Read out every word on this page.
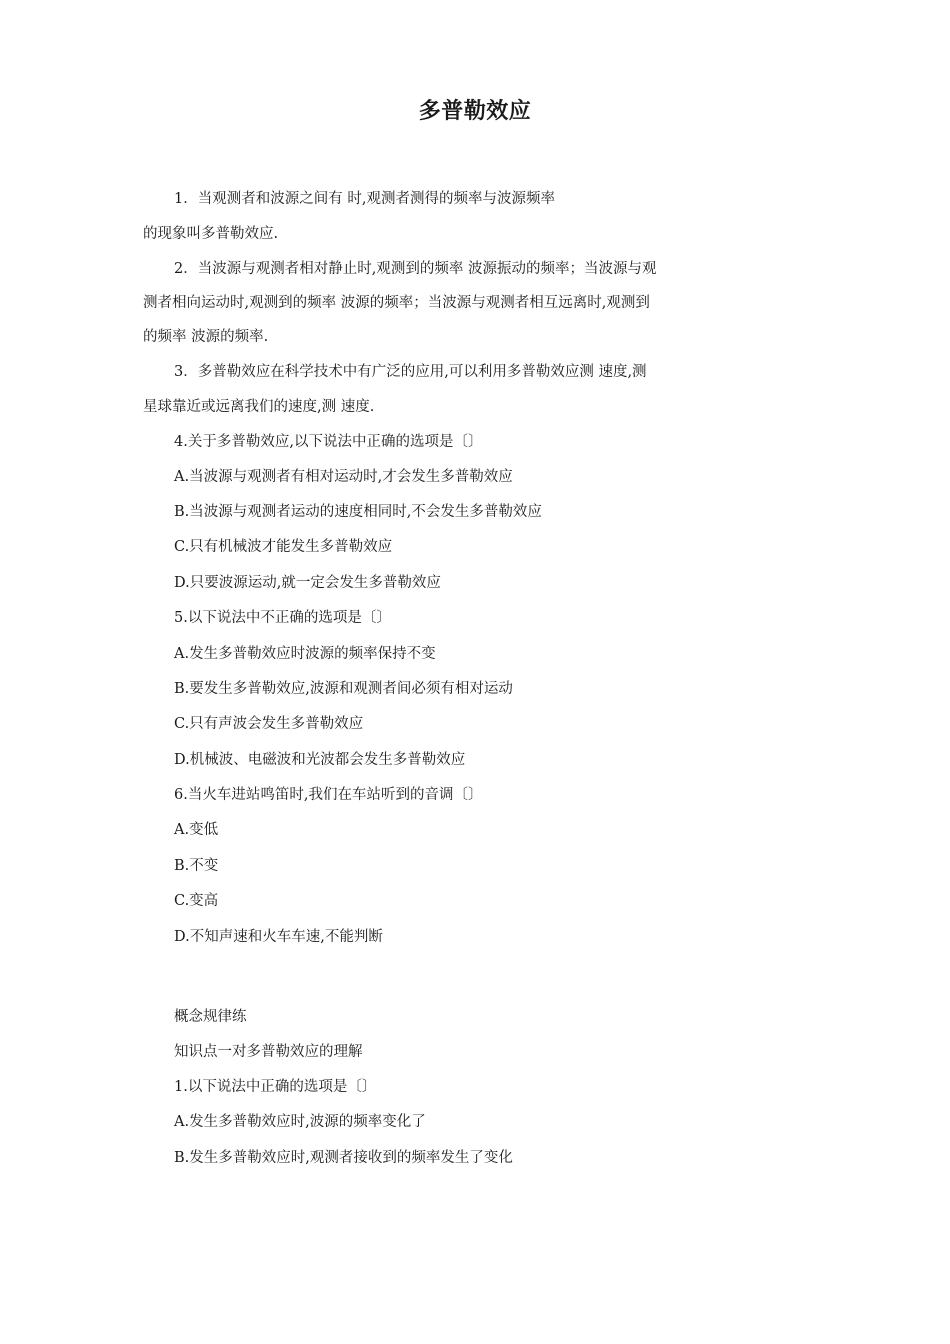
多普勒效应
1．当观测者和波源之间有 时,观测者测得的频率与波源频率
的现象叫多普勒效应.
2．当波源与观测者相对静止时,观测到的频率 波源振动的频率；当波源与观
测者相向运动时,观测到的频率 波源的频率；当波源与观测者相互远离时,观测到
的频率 波源的频率.
3．多普勒效应在科学技术中有广泛的应用,可以利用多普勒效应测 速度,测
星球靠近或远离我们的速度,测 速度.
4.关于多普勒效应,以下说法中正确的选项是〔〕
A.当波源与观测者有相对运动时,才会发生多普勒效应
B.当波源与观测者运动的速度相同时,不会发生多普勒效应
C.只有机械波才能发生多普勒效应
D.只要波源运动,就一定会发生多普勒效应
5.以下说法中不正确的选项是〔〕
A.发生多普勒效应时波源的频率保持不变
B.要发生多普勒效应,波源和观测者间必须有相对运动
C.只有声波会发生多普勒效应
D.机械波、电磁波和光波都会发生多普勒效应
6.当火车进站鸣笛时,我们在车站听到的音调〔〕
A.变低
B.不变
C.变高
D.不知声速和火车车速,不能判断
概念规律练
知识点一对多普勒效应的理解
1.以下说法中正确的选项是〔〕
A.发生多普勒效应时,波源的频率变化了
B.发生多普勒效应时,观测者接收到的频率发生了变化
